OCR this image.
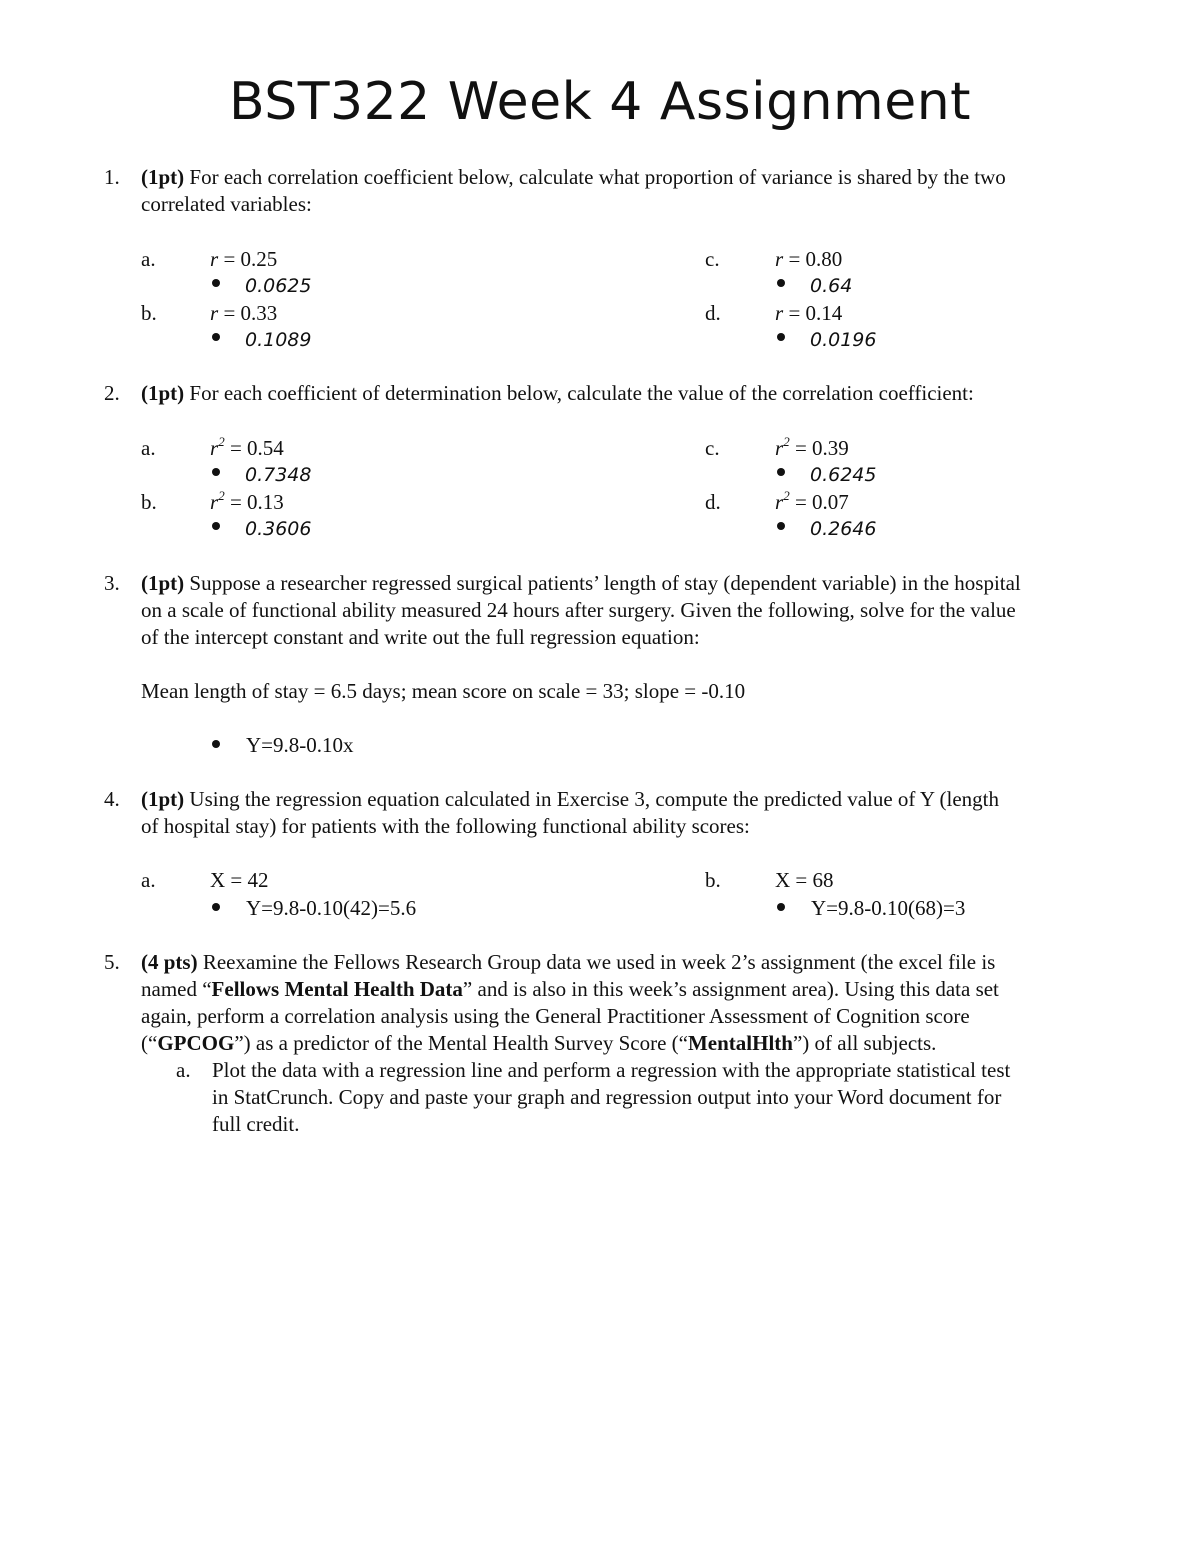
BST322 Week 4 Assignment
1. (1pt) For each correlation coefficient below, calculate what proportion of variance is shared by the two
correlated variables:
a.	r = 0.25
0.0625
b.	r = 0.33
0.1089
c.	r = 0.80
0.64
d.	r = 0.14
0.0196
2. (1pt) For each coefficient of determination below, calculate the value of the correlation coefficient:
a.	$r^2 = 0.54$
0.7348
b.	$r^2 = 0.13$
0.3606
c.	$r^2 = 0.39$
0.6245
d.	$r^2 = 0.07$
0.2646
3. (1pt) Suppose a researcher regressed surgical patients’ length of stay (dependent variable) in the hospital
on a scale of functional ability measured 24 hours after surgery. Given the following, solve for the value
of the intercept constant and write out the full regression equation:
Mean length of stay = 6.5 days; mean score on scale = 33; slope = -0.10
Y=9.8-0.10x
4. (1pt) Using the regression equation calculated in Exercise 3, compute the predicted value of Y (length
of hospital stay) for patients with the following functional ability scores:
a.	X = 42
Y=9.8-0.10(42)=5.6
b.	X = 68
Y=9.8-0.10(68)=3
5. (4 pts) Reexamine the Fellows Research Group data we used in week 2’s assignment (the excel file is
named “Fellows Mental Health Data” and is also in this week’s assignment area). Using this data set
again, perform a correlation analysis using the General Practitioner Assessment of Cognition score
(“GPCOG”) as a predictor of the Mental Health Survey Score (“MentalHlth”) of all subjects.
a. Plot the data with a regression line and perform a regression with the appropriate statistical test
in StatCrunch. Copy and paste your graph and regression output into your Word document for
full credit.
